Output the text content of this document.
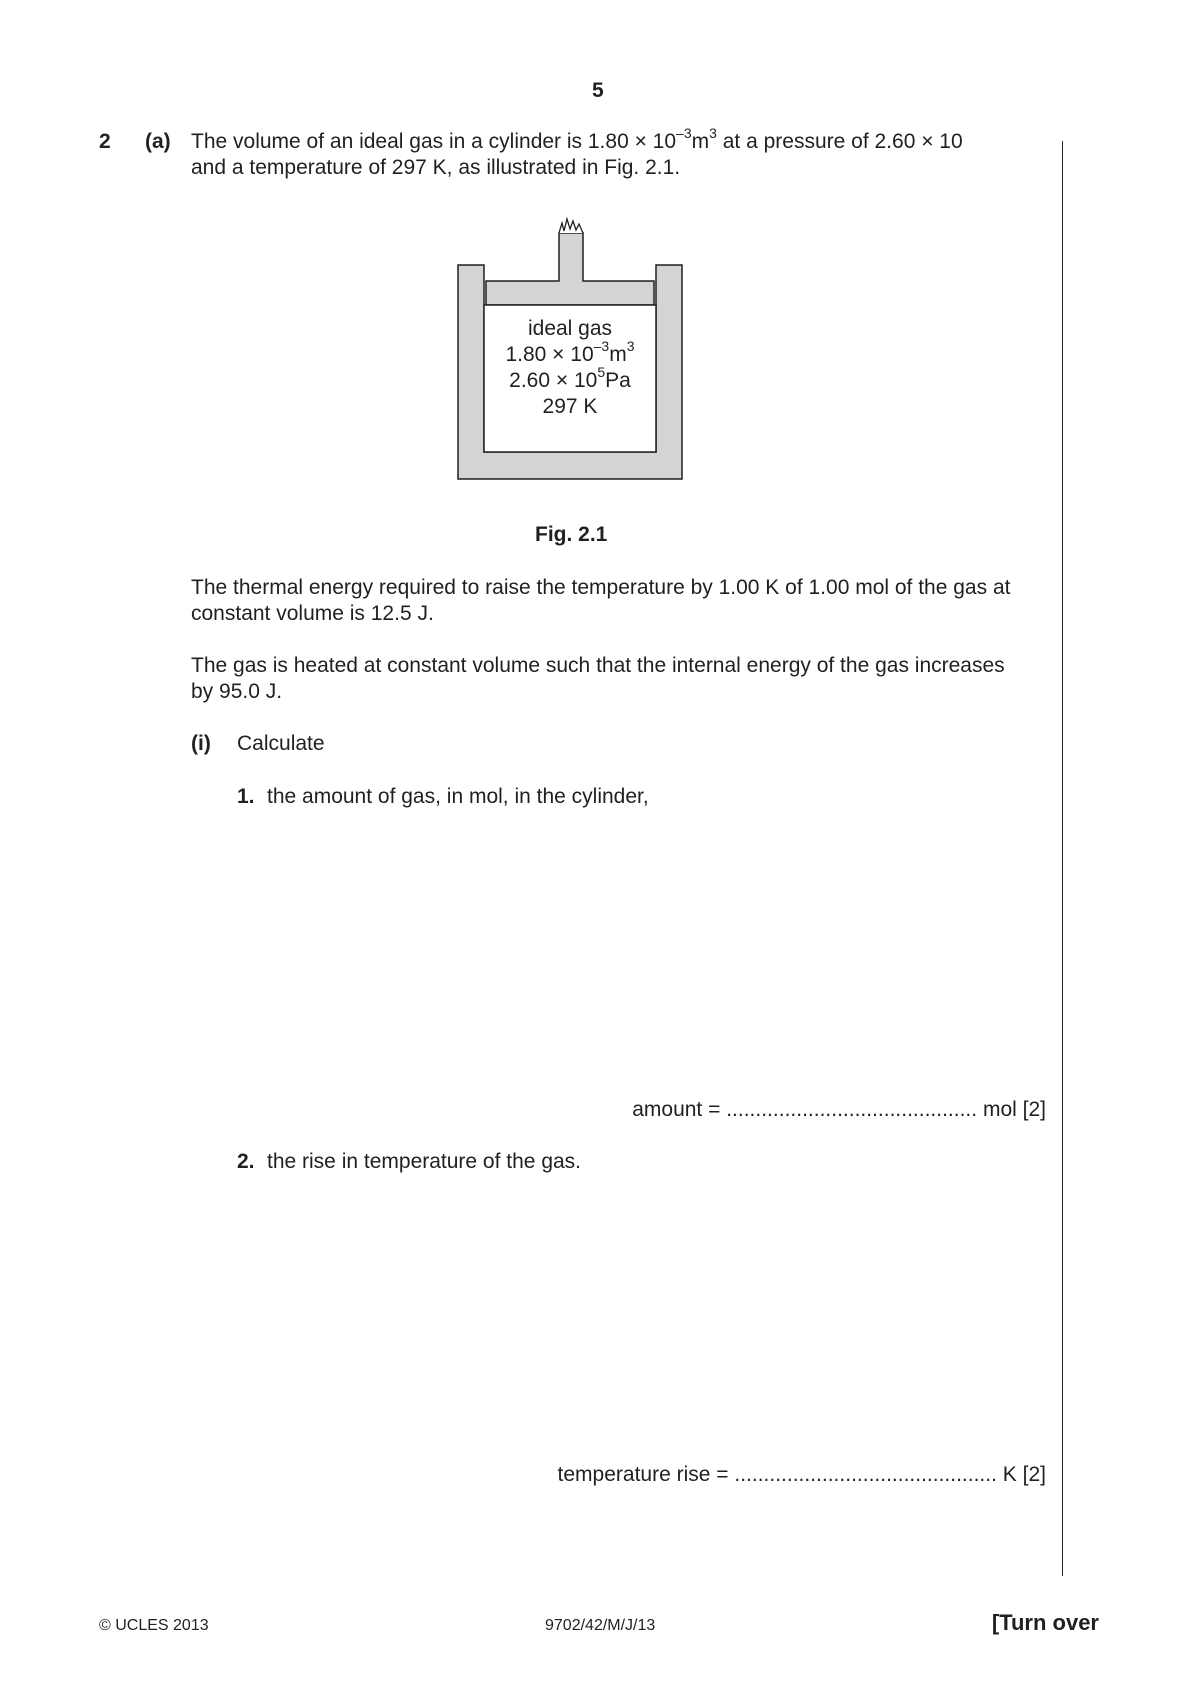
5
2 (a) The volume of an ideal gas in a cylinder is $1.80 \times 10^{-3}m^3$ at a pressure of 2.60 × 10
and a temperature of 297 K, as illustrated in Fig. 2.1.
ideal gas
$1.80 \times 10^{-3}m^3$
$2.60 \times 10^5Pa$
297 K
Fig. 2.1
The thermal energy required to raise the temperature by 1.00 K of 1.00 mol of the gas at
constant volume is 12.5 J.
The gas is heated at constant volume such that the internal energy of the gas increases
by 95.0 J.
(i) Calculate
1. the amount of gas, in mol, in the cylinder,
amount = ........................................... mol [2]
2. the rise in temperature of the gas.
temperature rise = ............................................. K [2]
© UCLES 2013	9702/42/M/J/13	[Turn over
